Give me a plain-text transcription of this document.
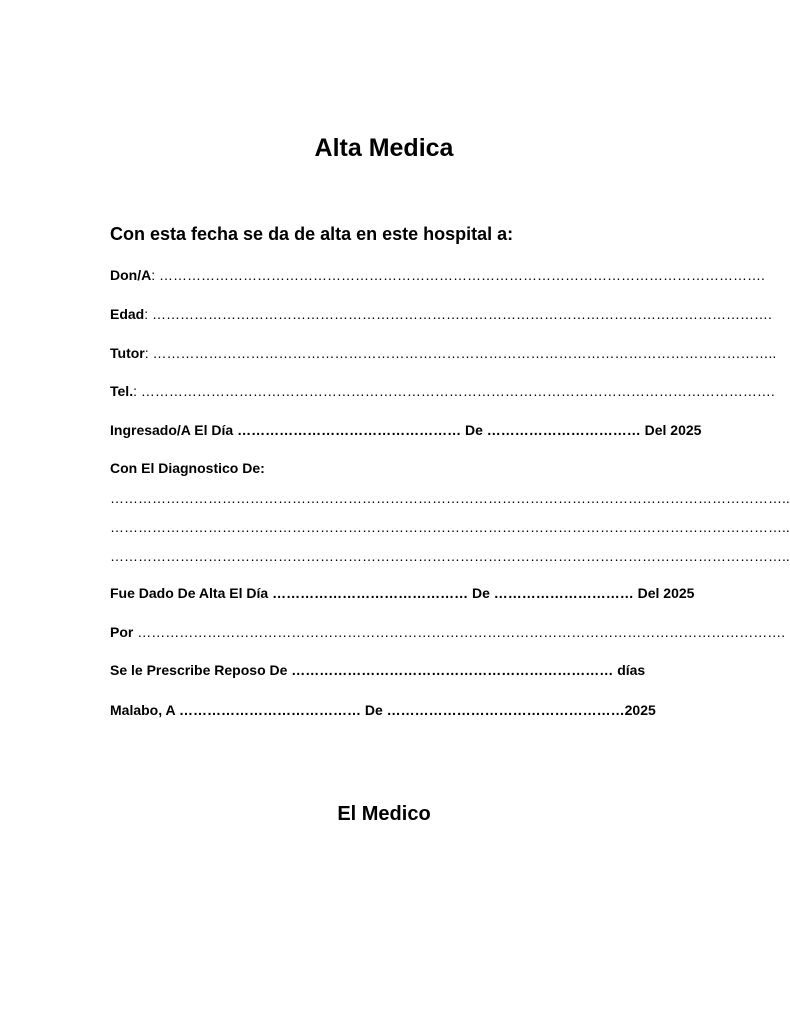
Alta Medica
Con esta fecha se da de alta en este hospital a:
Don/A: ………………………………………………………………………………………………………………….
Edad: …………………………………………………………………………………………………………………….
Tutor: ……………………………………………………………………………………………………………………..
Tel.: ……………………………………………………………………………………………………………………….
Ingresado/A El Día ………………………………………… De …………………………… Del 2025
Con El Diagnostico De:
………………………………………………………………………………………………………………………………..
………………………………………………………………………………………………………………………………..
………………………………………………………………………………………………………………………………..
Fue Dado De Alta El Día …………………………………… De ………………………… Del 2025
Por ………………………………………………………………………………………………………………………….
Se le Prescribe Reposo De …………………………………………………………… días
Malabo, A ………………………………… De ……………………………………………2025
El Medico
